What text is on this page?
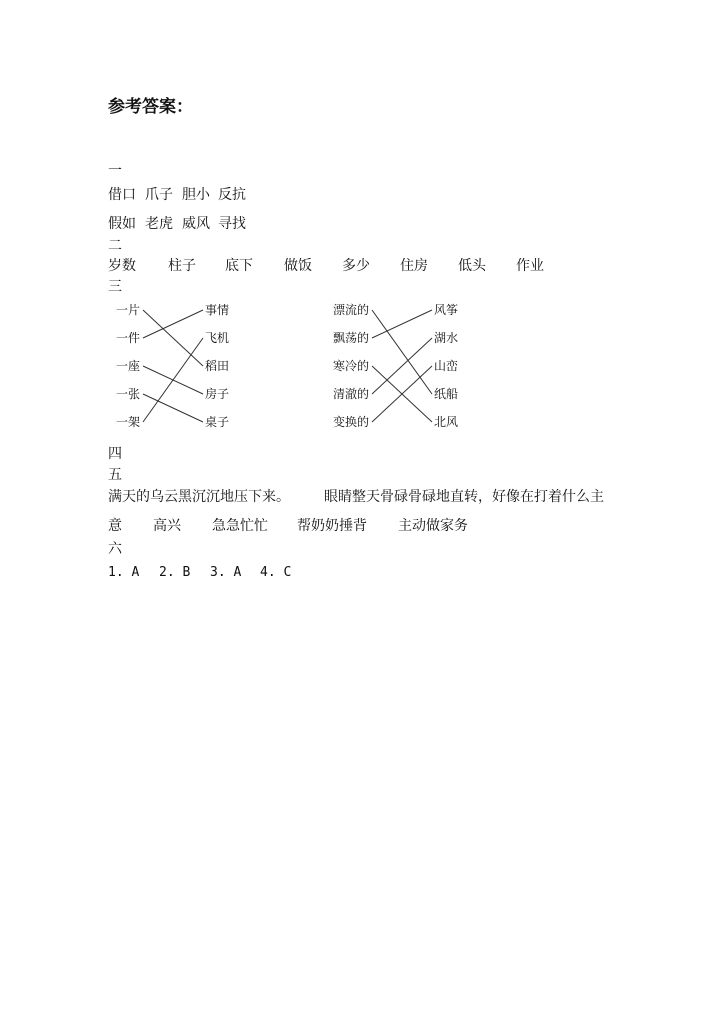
参考答案：
一
借口 爪子 胆小 反抗
假如 老虎 威风 寻找
二
岁数 柱子 底下 做饭 多少 住房 低头 作业
三
一片
一件
一座
一张
一架
事情
飞机
稻田
房子
桌子
漂流的
飘荡的
寒冷的
清澈的
变换的
风筝
湖水
山峦
纸船
北风
四
五
满天的乌云黑沉沉地压下来。 眼睛整天骨碌骨碌地直转，好像在打着什么主
意 高兴 急急忙忙 帮奶奶捶背 主动做家务
六
1. A 2. B 3. A 4. C
